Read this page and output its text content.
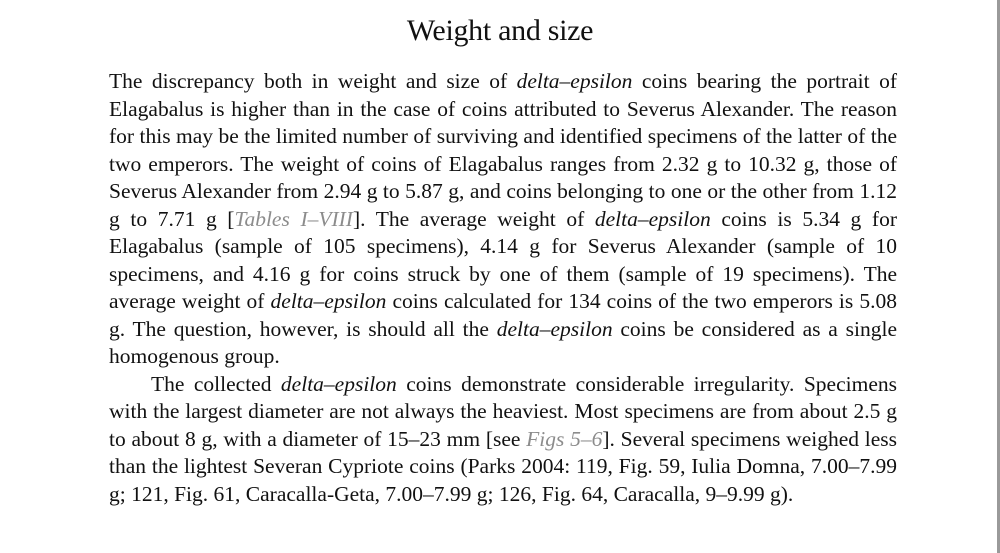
Weight and size

The discrepancy both in weight and size of delta–epsilon coins bearing the portrait of Elagabalus is higher than in the case of coins attributed to Severus Alexander. The reason for this may be the limited number of surviving and identified specimens of the latter of the two emperors. The weight of coins of Elagabalus ranges from 2.32 g to 10.32 g, those of Severus Alexander from 2.94 g to 5.87 g, and coins belonging to one or the other from 1.12 g to 7.71 g [Tables I–VIII]. The average weight of delta–epsilon coins is 5.34 g for Elagabalus (sample of 105 specimens), 4.14 g for Severus Alexander (sample of 10 specimens, and 4.16 g for coins struck by one of them (sample of 19 specimens). The average weight of delta–epsilon coins calculated for 134 coins of the two emperors is 5.08 g. The question, however, is should all the delta–epsilon coins be considered as a single homogenous group.

The collected delta–epsilon coins demonstrate considerable irregularity. Specimens with the largest diameter are not always the heaviest. Most specimens are from about 2.5 g to about 8 g, with a diameter of 15–23 mm [see Figs 5–6]. Several specimens weighed less than the lightest Severan Cypriote coins (Parks 2004: 119, Fig. 59, Iulia Domna, 7.00–7.99 g; 121, Fig. 61, Caracalla-Geta, 7.00–7.99 g; 126, Fig. 64, Caracalla, 9–9.99 g).
